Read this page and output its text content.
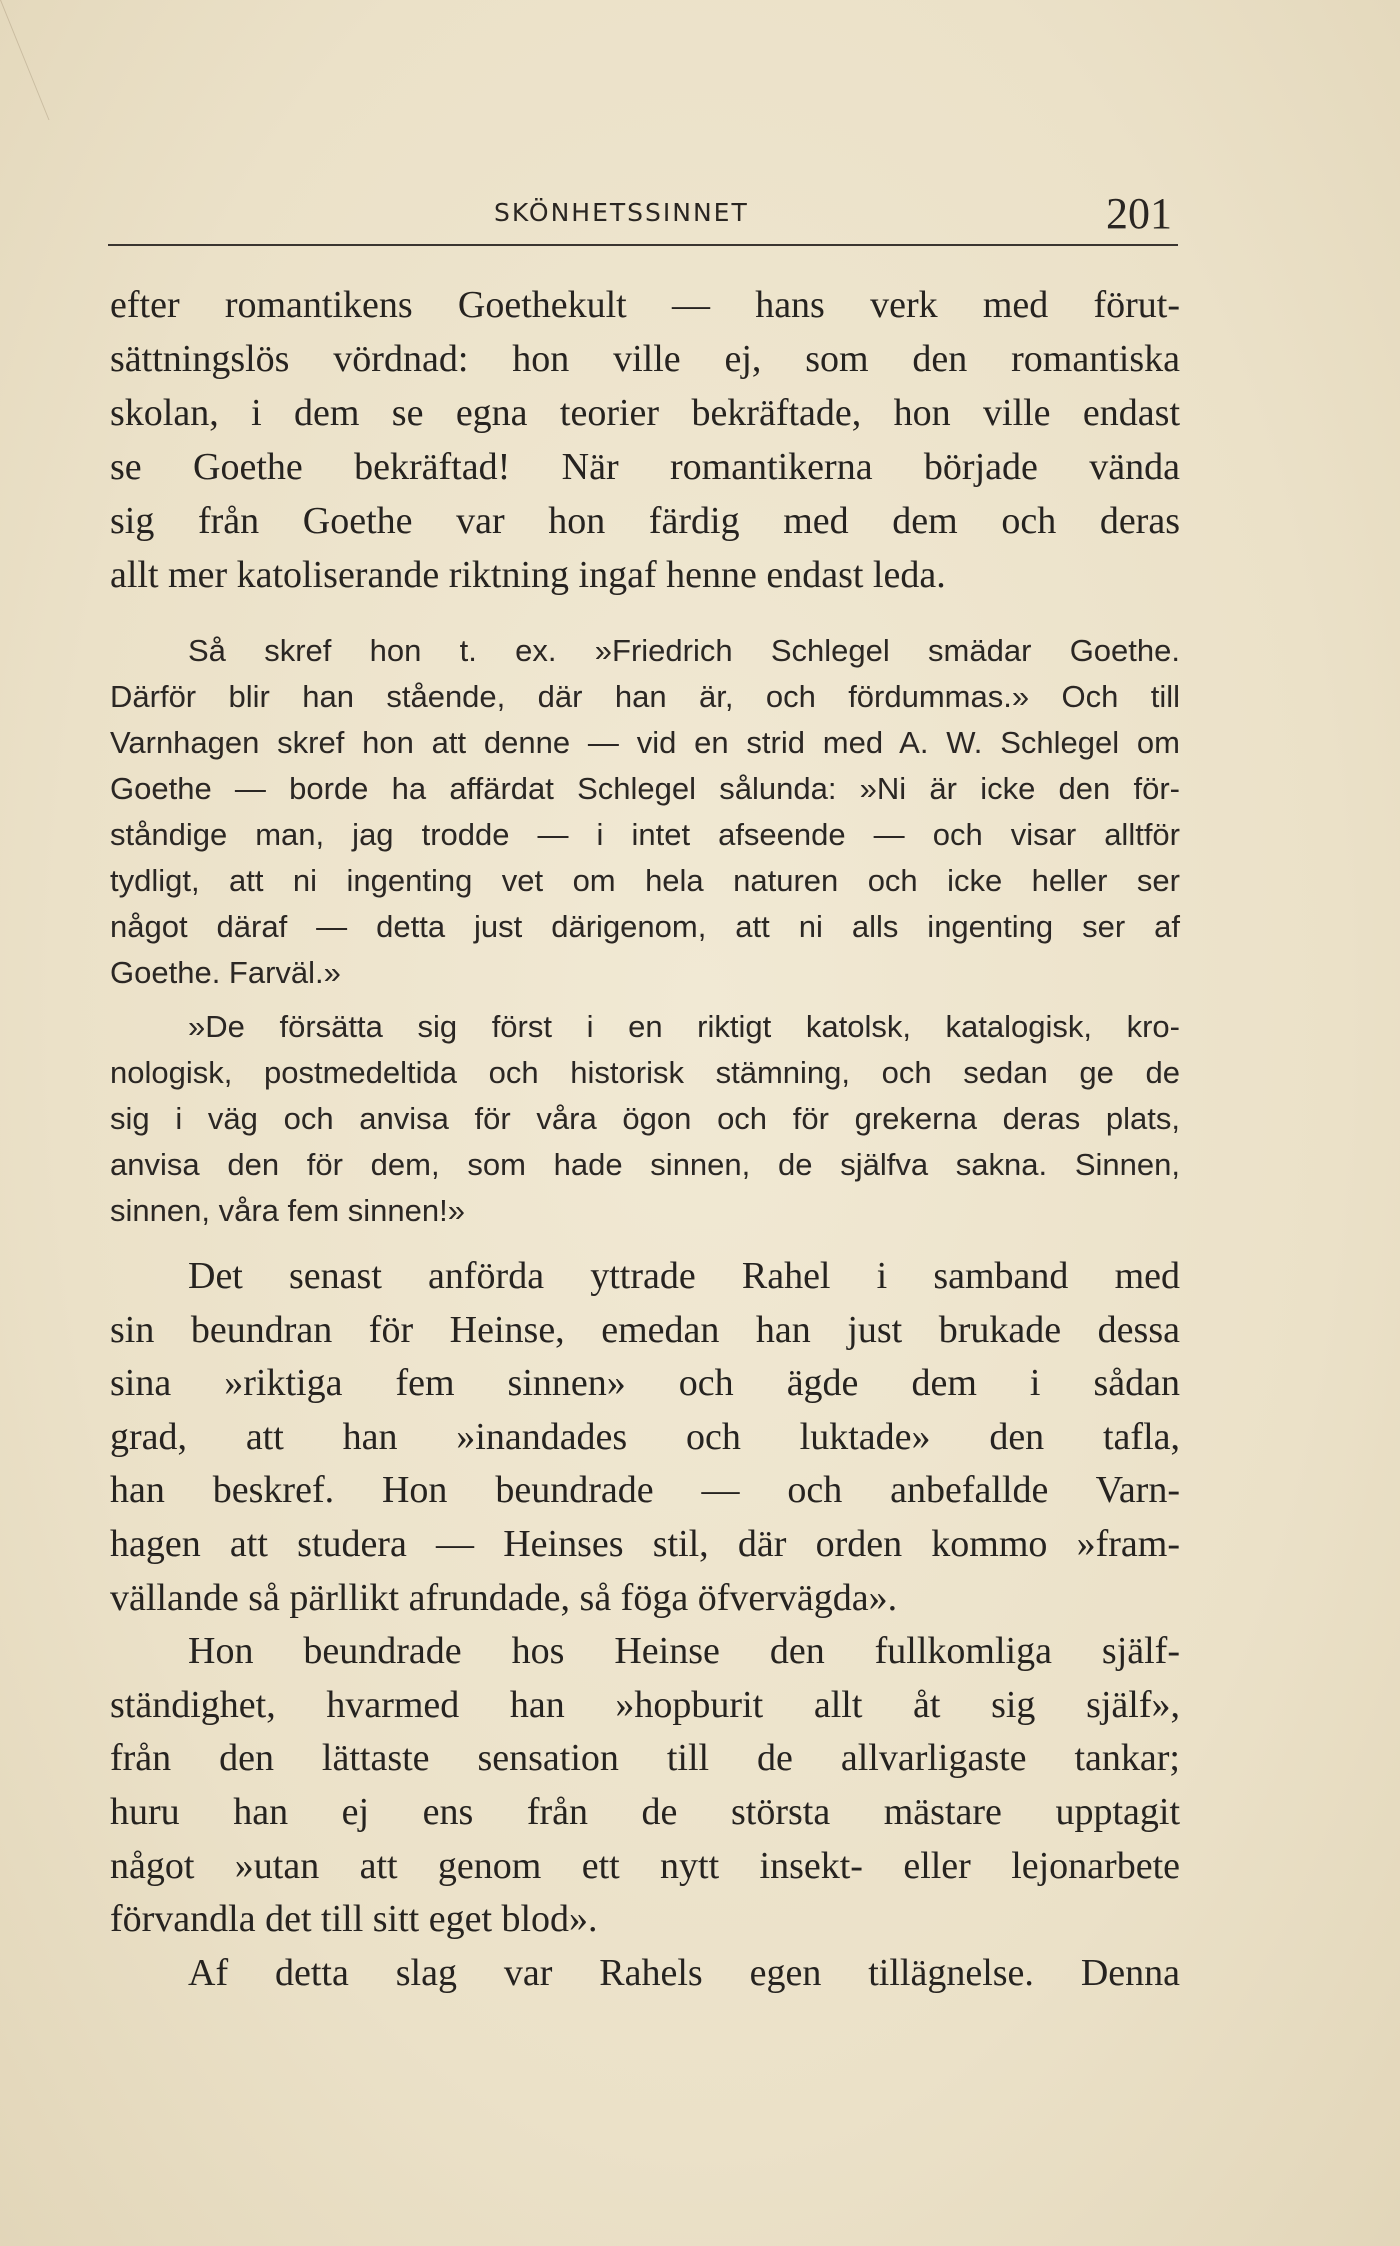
SKÖNHETSSINNET	201
efter romantikens Goethekult — hans verk med förut-
sättningslös vördnad: hon ville ej, som den romantiska
skolan, i dem se egna teorier bekräftade, hon ville endast
se Goethe bekräftad! När romantikerna började vända
sig från Goethe var hon färdig med dem och deras
allt mer katoliserande riktning ingaf henne endast leda.
Så skref hon t. ex. »Friedrich Schlegel smädar Goethe.
Därför blir han stående, där han är, och fördummas.» Och till
Varnhagen skref hon att denne — vid en strid med A. W. Schlegel om
Goethe — borde ha affärdat Schlegel sålunda: »Ni är icke den för-
ståndige man, jag trodde — i intet afseende — och visar alltför
tydligt, att ni ingenting vet om hela naturen och icke heller ser
något däraf — detta just därigenom, att ni alls ingenting ser af
Goethe. Farväl.»
»De försätta sig först i en riktigt katolsk, katalogisk, kro-
nologisk, postmedeltida och historisk stämning, och sedan ge de
sig i väg och anvisa för våra ögon och för grekerna deras plats,
anvisa den för dem, som hade sinnen, de själfva sakna. Sinnen,
sinnen, våra fem sinnen!»
Det senast anförda yttrade Rahel i samband med
sin beundran för Heinse, emedan han just brukade dessa
sina »riktiga fem sinnen» och ägde dem i sådan
grad, att han »inandades och luktade» den tafla,
han beskref. Hon beundrade — och anbefallde Varn-
hagen att studera — Heinses stil, där orden kommo »fram-
vällande så pärllikt afrundade, så föga öfvervägda».
Hon beundrade hos Heinse den fullkomliga själf-
ständighet, hvarmed han »hopburit allt åt sig själf»,
från den lättaste sensation till de allvarligaste tankar;
huru han ej ens från de största mästare upptagit
något »utan att genom ett nytt insekt- eller lejonarbete
förvandla det till sitt eget blod».
Af detta slag var Rahels egen tillägnelse. Denna
